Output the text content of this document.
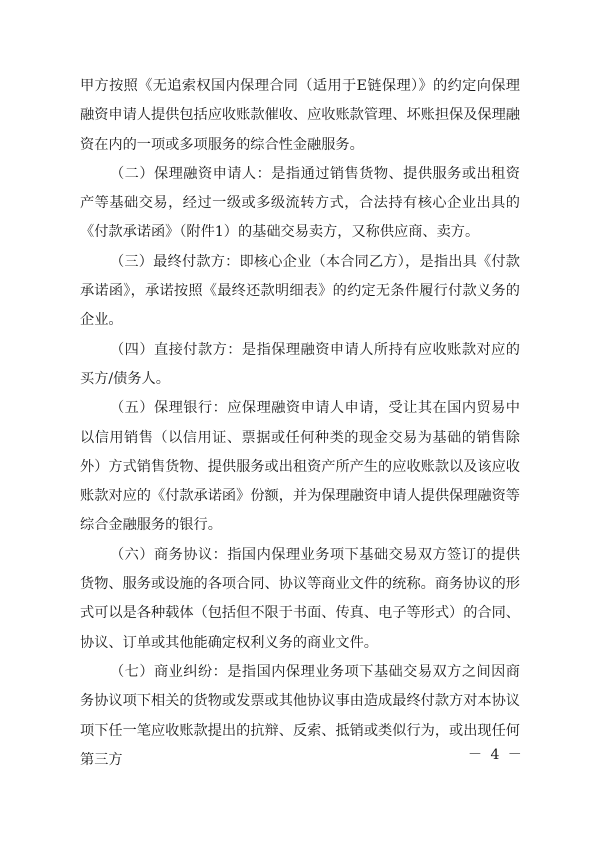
甲方按照《无追索权国内保理合同（适用于E链保理）》的约定向保理融资申请人提供包括应收账款催收、应收账款管理、坏账担保及保理融资在内的一项或多项服务的综合性金融服务。

（二）保理融资申请人：是指通过销售货物、提供服务或出租资产等基础交易，经过一级或多级流转方式，合法持有核心企业出具的《付款承诺函》（附件1）的基础交易卖方，又称供应商、卖方。

（三）最终付款方：即核心企业（本合同乙方），是指出具《付款承诺函》，承诺按照《最终还款明细表》的约定无条件履行付款义务的企业。

（四）直接付款方：是指保理融资申请人所持有应收账款对应的买方/债务人。

（五）保理银行：应保理融资申请人申请，受让其在国内贸易中以信用销售（以信用证、票据或任何种类的现金交易为基础的销售除外）方式销售货物、提供服务或出租资产所产生的应收账款以及该应收账款对应的《付款承诺函》份额，并为保理融资申请人提供保理融资等综合金融服务的银行。

（六）商务协议：指国内保理业务项下基础交易双方签订的提供货物、服务或设施的各项合同、协议等商业文件的统称。商务协议的形式可以是各种载体（包括但不限于书面、传真、电子等形式）的合同、协议、订单或其他能确定权利义务的商业文件。

（七）商业纠纷：是指国内保理业务项下基础交易双方之间因商务协议项下相关的货物或发票或其他协议事由造成最终付款方对本协议项下任一笔应收账款提出的抗辩、反索、抵销或类似行为，或出现任何第三方	－ 4 －
